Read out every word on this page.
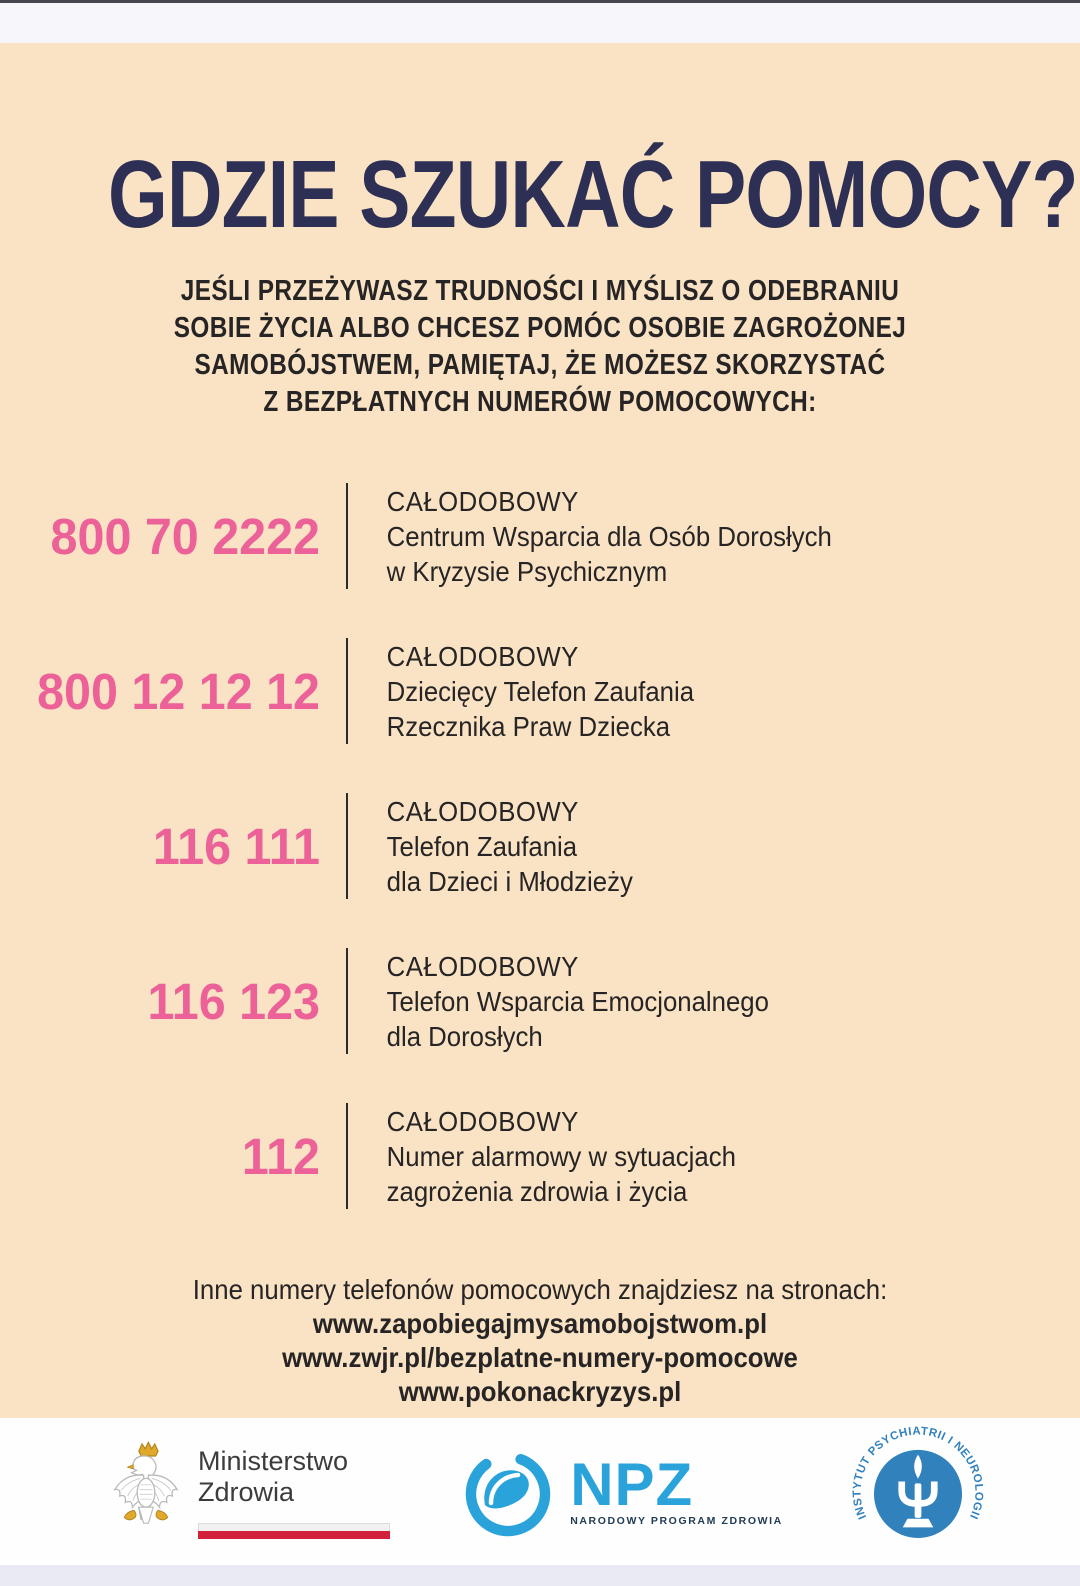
GDZIE SZUKAĆ POMOCY?
JEŚLI PRZEŻYWASZ TRUDNOŚCI I MYŚLISZ O ODEBRANIU
SOBIE ŻYCIA ALBO CHCESZ POMÓC OSOBIE ZAGROŻONEJ
SAMOBÓJSTWEM, PAMIĘTAJ, ŻE MOŻESZ SKORZYSTAĆ
Z BEZPŁATNYCH NUMERÓW POMOCOWYCH:
800 70 2222
CAŁODOBOWY
Centrum Wsparcia dla Osób Dorosłych
w Kryzysie Psychicznym
800 12 12 12
CAŁODOBOWY
Dziecięcy Telefon Zaufania
Rzecznika Praw Dziecka
116 111
CAŁODOBOWY
Telefon Zaufania
dla Dzieci i Młodzieży
116 123
CAŁODOBOWY
Telefon Wsparcia Emocjonalnego
dla Dorosłych
112
CAŁODOBOWY
Numer alarmowy w sytuacjach
zagrożenia zdrowia i życia
Inne numery telefonów pomocowych znajdziesz na stronach:
www.zapobiegajmysamobojstwom.pl
www.zwjr.pl/bezplatne-numery-pomocowe
www.pokonackryzys.pl
Ministerstwo
Zdrowia	NPZ
NARODOWY PROGRAM ZDROWIA	INSTYTUT PSYCHIATRII I NEUROLOGII
